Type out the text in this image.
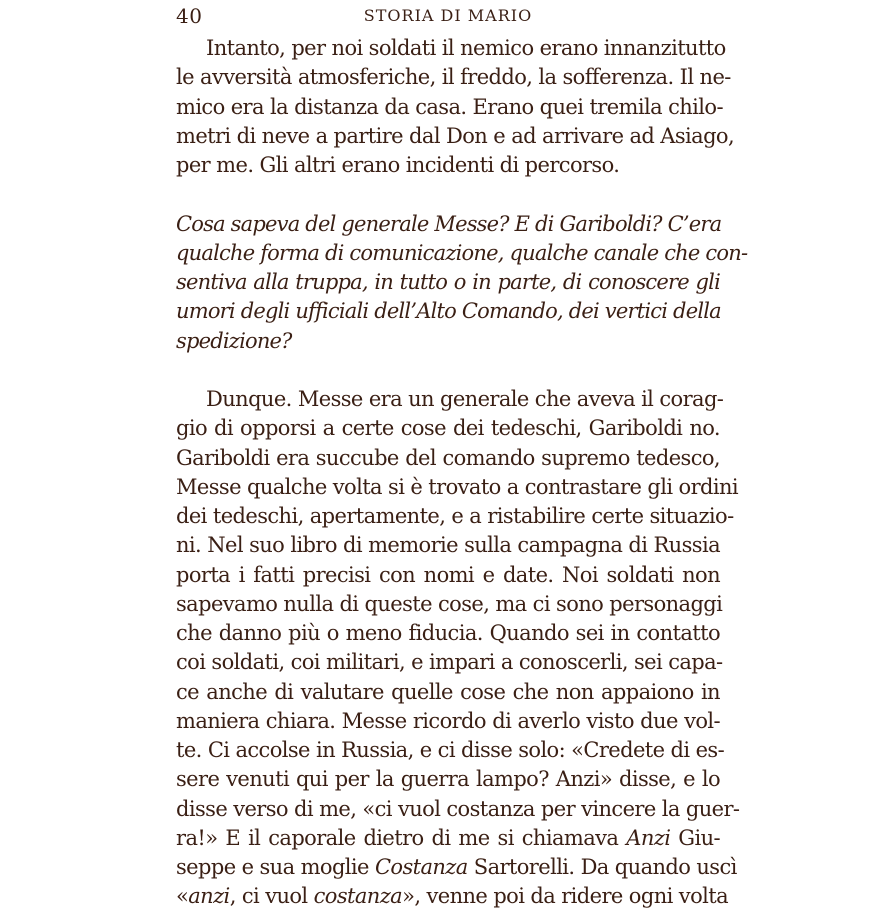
40	STORIA DI MARIO
Intanto, per noi soldati il nemico erano innanzitutto
le avversità atmosferiche, il freddo, la sofferenza. Il ne-
mico era la distanza da casa. Erano quei tremila chilo-
metri di neve a partire dal Don e ad arrivare ad Asiago,
per me. Gli altri erano incidenti di percorso.
Cosa sapeva del generale Messe? E di Gariboldi? C’era
qualche forma di comunicazione, qualche canale che con-
sentiva alla truppa, in tutto o in parte, di conoscere gli
umori degli ufficiali dell’Alto Comando, dei vertici della
spedizione?
Dunque. Messe era un generale che aveva il corag-
gio di opporsi a certe cose dei tedeschi, Gariboldi no.
Gariboldi era succube del comando supremo tedesco,
Messe qualche volta si è trovato a contrastare gli ordini
dei tedeschi, apertamente, e a ristabilire certe situazio-
ni. Nel suo libro di memorie sulla campagna di Russia
porta i fatti precisi con nomi e date. Noi soldati non
sapevamo nulla di queste cose, ma ci sono personaggi
che danno più o meno fiducia. Quando sei in contatto
coi soldati, coi militari, e impari a conoscerli, sei capa-
ce anche di valutare quelle cose che non appaiono in
maniera chiara. Messe ricordo di averlo visto due vol-
te. Ci accolse in Russia, e ci disse solo: «Credete di es-
sere venuti qui per la guerra lampo? Anzi» disse, e lo
disse verso di me, «ci vuol costanza per vincere la guer-
ra!» E il caporale dietro di me si chiamava Anzi Giu-
seppe e sua moglie Costanza Sartorelli. Da quando uscì
«anzi, ci vuol costanza», venne poi da ridere ogni volta
